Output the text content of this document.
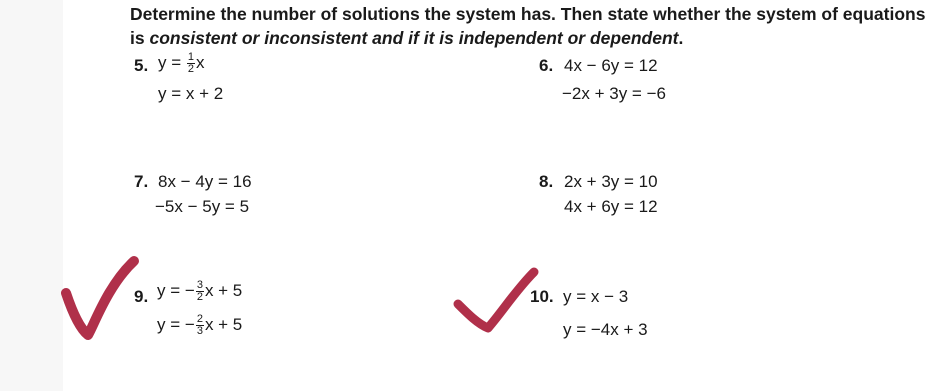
Determine the number of solutions the system has. Then state whether the system of equations is consistent or inconsistent and if it is independent or dependent.

5. $y = \frac{1}{2}$ x
y = x + 2
6. 4x − 6y = 12
−2x + 3y = −6
7. 8x − 4y = 16
−5x − 5y = 5
8. 2x + 3y = 10
4x + 6y = 12
9. y = − $\frac{3}{2}$ x + 5
y = − $\frac{2}{3}$ x + 5
10. y = x − 3
y = −4x + 3
